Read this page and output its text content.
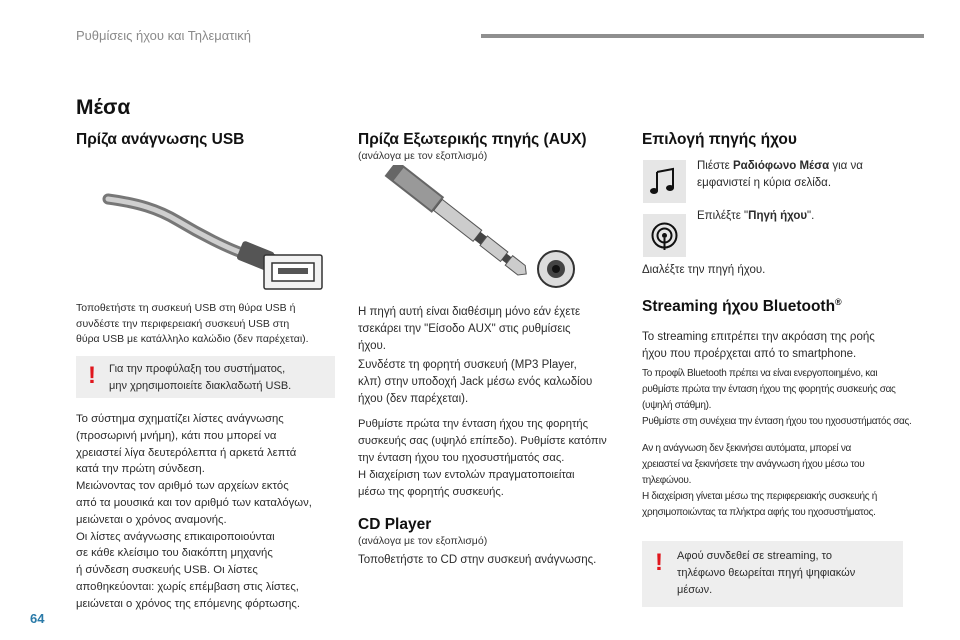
Ρυθμίσεις ήχου και Τηλεματική
Μέσα
Πρίζα ανάγνωσης USB
Τοποθετήστε τη συσκευή USB στη θύρα USB ή
συνδέστε την περιφερειακή συσκευή USB στη
θύρα USB με κατάλληλο καλώδιο (δεν παρέχεται).
! Για την προφύλαξη του συστήματος,
μην χρησιμοποιείτε διακλαδωτή USB.
Το σύστημα σχηματίζει λίστες ανάγνωσης
(προσωρινή μνήμη), κάτι που μπορεί να
χρειαστεί λίγα δευτερόλεπτα ή αρκετά λεπτά
κατά την πρώτη σύνδεση.
Μειώνοντας τον αριθμό των αρχείων εκτός
από τα μουσικά και τον αριθμό των καταλόγων,
μειώνεται ο χρόνος αναμονής.
Οι λίστες ανάγνωσης επικαιροποιούνται
σε κάθε κλείσιμο του διακόπτη μηχανής
ή σύνδεση συσκευής USB. Οι λίστες
αποθηκεύονται: χωρίς επέμβαση στις λίστες,
μειώνεται ο χρόνος της επόμενης φόρτωσης.
Πρίζα Εξωτερικής πηγής (AUX)
(ανάλογα με τον εξοπλισμό)
Η πηγή αυτή είναι διαθέσιμη μόνο εάν έχετε
τσεκάρει την "Είσοδο AUX" στις ρυθμίσεις
ήχου.
Συνδέστε τη φορητή συσκευή (MP3 Player,
κλπ) στην υποδοχή Jack μέσω ενός καλωδίου
ήχου (δεν παρέχεται).
Ρυθμίστε πρώτα την ένταση ήχου της φορητής
συσκευής σας (υψηλό επίπεδο). Ρυθμίστε κατόπιν
την ένταση ήχου του ηχοσυστήματός σας.
Η διαχείριση των εντολών πραγματοποιείται
μέσω της φορητής συσκευής.
CD Player
(ανάλογα με τον εξοπλισμό)
Τοποθετήστε το CD στην συσκευή ανάγνωσης.
Επιλογή πηγής ήχου
Πιέστε Ραδιόφωνο Μέσα για να
εμφανιστεί η κύρια σελίδα.
Επιλέξτε "Πηγή ήχου".
Διαλέξτε την πηγή ήχου.
Streaming ήχου Bluetooth®
Το streaming επιτρέπει την ακρόαση της ροής
ήχου που προέρχεται από το smartphone.
Το προφίλ Bluetooth πρέπει να είναι ενεργοποιημένο, και
ρυθμίστε πρώτα την ένταση ήχου της φορητής συσκευής σας
(υψηλή στάθμη).
Ρυθμίστε στη συνέχεια την ένταση ήχου του ηχοσυστήματός σας.
Αν η ανάγνωση δεν ξεκινήσει αυτόματα, μπορεί να
χρειαστεί να ξεκινήσετε την ανάγνωση ήχου μέσω του
τηλεφώνου.
Η διαχείριση γίνεται μέσω της περιφερειακής συσκευής ή
χρησιμοποιώντας τα πλήκτρα αφής του ηχοσυστήματος.
! Αφού συνδεθεί σε streaming, το
τηλέφωνο θεωρείται πηγή ψηφιακών
μέσων.
64
